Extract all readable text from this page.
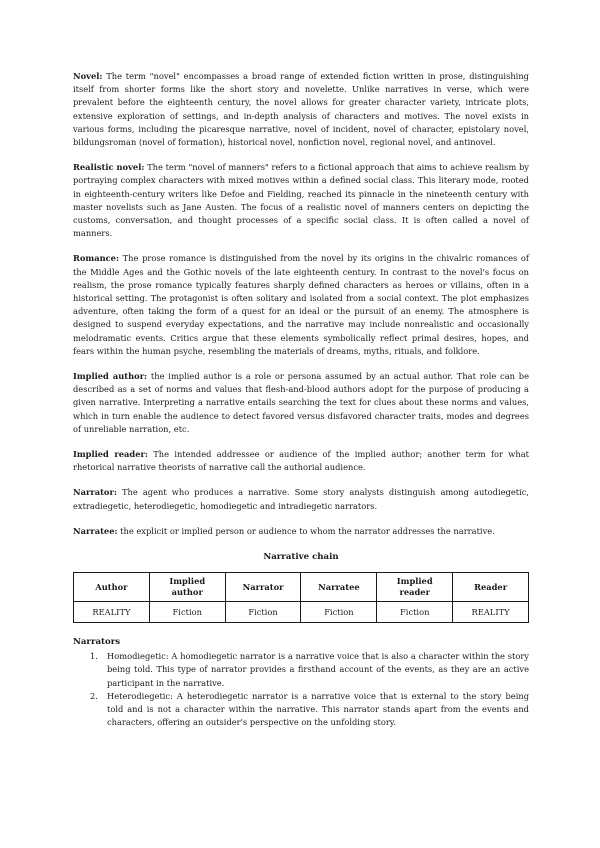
Novel: The term "novel" encompasses a broad range of extended fiction written in prose, distinguishing itself from shorter forms like the short story and novelette. Unlike narratives in verse, which were prevalent before the eighteenth century, the novel allows for greater character variety, intricate plots, extensive exploration of settings, and in-depth analysis of characters and motives. The novel exists in various forms, including the picaresque narrative, novel of incident, novel of character, epistolary novel, bildungsroman (novel of formation), historical novel, nonfiction novel, regional novel, and antinovel.

Realistic novel: The term "novel of manners" refers to a fictional approach that aims to achieve realism by portraying complex characters with mixed motives within a defined social class. This literary mode, rooted in eighteenth-century writers like Defoe and Fielding, reached its pinnacle in the nineteenth century with master novelists such as Jane Austen. The focus of a realistic novel of manners centers on depicting the customs, conversation, and thought processes of a specific social class. It is often called a novel of manners.

Romance: The prose romance is distinguished from the novel by its origins in the chivalric romances of the Middle Ages and the Gothic novels of the late eighteenth century. In contrast to the novel's focus on realism, the prose romance typically features sharply defined characters as heroes or villains, often in a historical setting. The protagonist is often solitary and isolated from a social context. The plot emphasizes adventure, often taking the form of a quest for an ideal or the pursuit of an enemy. The atmosphere is designed to suspend everyday expectations, and the narrative may include nonrealistic and occasionally melodramatic events. Critics argue that these elements symbolically reflect primal desires, hopes, and fears within the human psyche, resembling the materials of dreams, myths, rituals, and folklore.

Implied author: the implied author is a role or persona assumed by an actual author. That role can be described as a set of norms and values that flesh-and-blood authors adopt for the purpose of producing a given narrative. Interpreting a narrative entails searching the text for clues about these norms and values, which in turn enable the audience to detect favored versus disfavored character traits, modes and degrees of unreliable narration, etc.

Implied reader: The intended addressee or audience of the implied author; another term for what rhetorical narrative theorists of narrative call the authorial audience.

Narrator: The agent who produces a narrative. Some story analysts distinguish among autodiegetic, extradiegetic, heterodiegetic, homodiegetic and intradiegetic narrators.

Narratee: the explicit or implied person or audience to whom the narrator addresses the narrative.

Narrative chain
Author	Implied author	Narrator	Narratee	Implied reader	Reader
REALITY	Fiction	Fiction	Fiction	Fiction	REALITY
Narrators
1. Homodiegetic: A homodiegetic narrator is a narrative voice that is also a character within the story being told. This type of narrator provides a firsthand account of the events, as they are an active participant in the narrative.
2. Heterodiegetic: A heterodiegetic narrator is a narrative voice that is external to the story being told and is not a character within the narrative. This narrator stands apart from the events and characters, offering an outsider's perspective on the unfolding story.
